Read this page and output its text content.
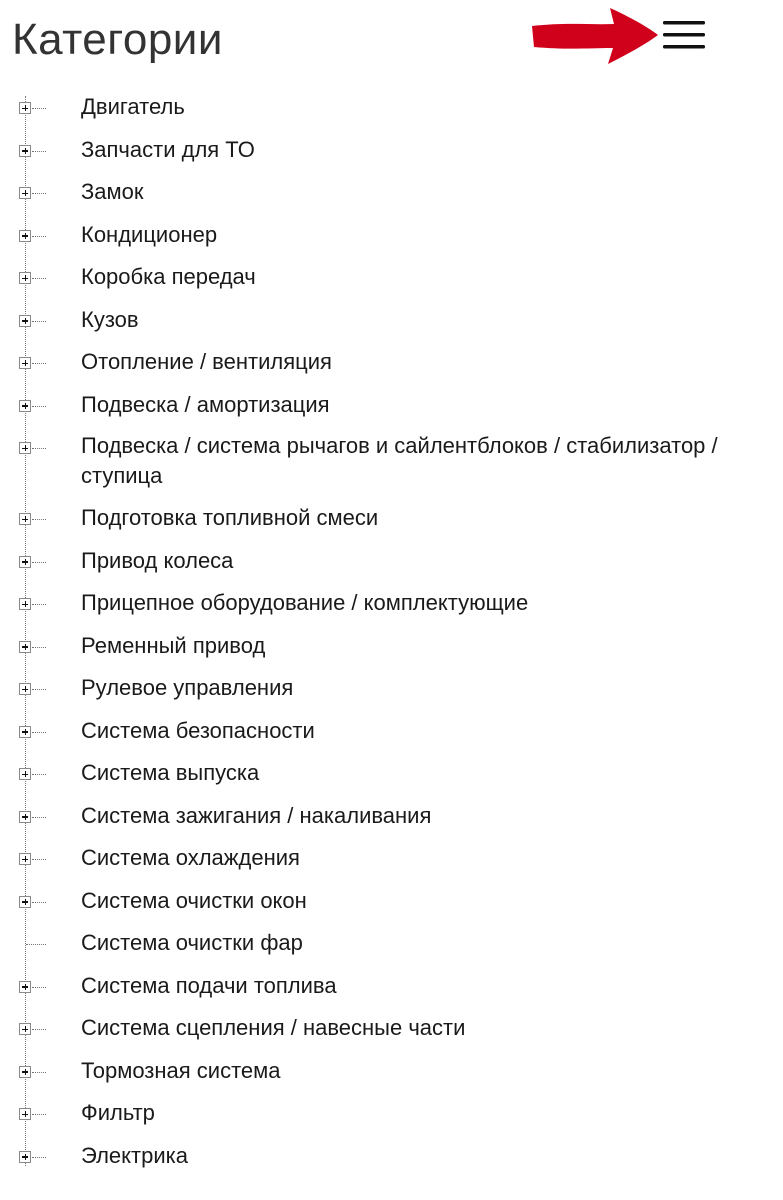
Категории
Двигатель
Запчасти для ТО
Замок
Кондиционер
Коробка передач
Кузов
Отопление / вентиляция
Подвеска / амортизация
Подвеска / система рычагов и сайлентблоков / стабилизатор / ступица
Подготовка топливной смеси
Привод колеса
Прицепное оборудование / комплектующие
Ременный привод
Рулевое управления
Система безопасности
Система выпуска
Система зажигания / накаливания
Система охлаждения
Система очистки окон
Система очистки фар
Система подачи топлива
Система сцепления / навесные части
Тормозная система
Фильтр
Электрика
